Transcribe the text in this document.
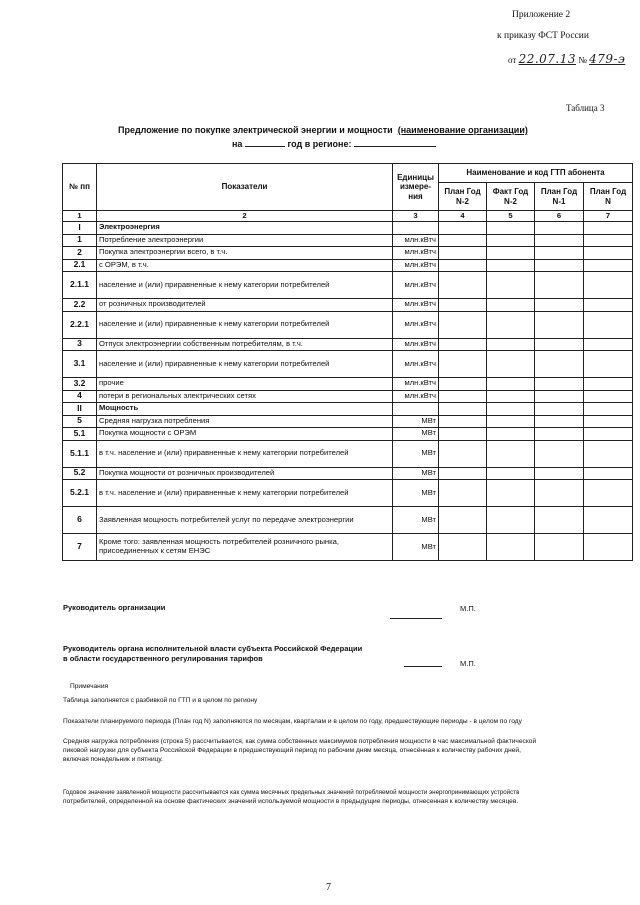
Приложение 2
к приказу ФСТ России
от 22.07.13 № 479-э
Таблица 3
Предложение по покупке электрической энергии и мощности (наименование организации)
на	год в регионе:
№ пп	Показатели	Единицы измере-ния	Наименование и код ГТП абонента			
			План Год N-2	Факт Год N-2	План Год N-1	План Год N
1	2	3	4	5	6	7
I	Электроэнергия					
1	Потребление электроэнергии	млн.кВтч				
2	Покупка электроэнергии всего, в т.ч.	млн.кВтч				
2.1	с ОРЭМ, в т.ч.	млн.кВтч				
2.1.1	население и (или) приравненные к нему категории потребителей	млн.кВтч				
2.2	от розничных производителей	млн.кВтч				
2.2.1	население и (или) приравненные к нему категории потребителей	млн.кВтч				
3	Отпуск электроэнергии собственным потребителям, в т.ч.	млн.кВтч				
3.1	население и (или) приравненные к нему категории потребителей	млн.кВтч				
3.2	прочие	млн.кВтч				
4	потери в региональных электрических сетях	млн.кВтч				
II	Мощность					
5	Средняя нагрузка потребления	МВт				
5.1	Покупка мощности с ОРЭМ	МВт				
5.1.1	в т.ч. население и (или) приравненные к нему категории потребителей	МВт				
5.2	Покупка мощности от розничных производителей	МВт				
5.2.1	в т.ч. население и (или) приравненные к нему категории потребителей	МВт				
6	Заявленная мощность потребителей услуг по передаче электроэнергии	МВт				
7	Кроме того: заявленная мощность потребителей розничного рынка, присоединенных к сетям ЕНЭС	МВт				
Руководитель организации	М.П.
Руководитель органа исполнительной власти субъекта Российской Федерации
в области государственного регулирования тарифов
М.П.
Примечания
Таблица заполняется с разбивкой по ГТП и в целом по региону
Показатели планируемого периода (План год N) заполняются по месяцам, кварталам и в целом по году, предшествующие периоды - в целом по году
Средняя нагрузка потребления (строка 5) рассчитывается, как сумма собственных максимумов потребления мощности в час максимальной фактической
пиковой нагрузки для субъекта Российской Федерации в предшествующий период по рабочим дням месяца, отнесённая к количеству рабочих дней,
включая понедельник и пятницу.
Годовое значение заявленной мощности рассчитывается как сумма месячных предельных значений потребляемой мощности энергопринимающих устройств
потребителей, определенной на основе фактических значений используемой мощности в предыдущие периоды, отнесенная к количеству месяцев.
7
